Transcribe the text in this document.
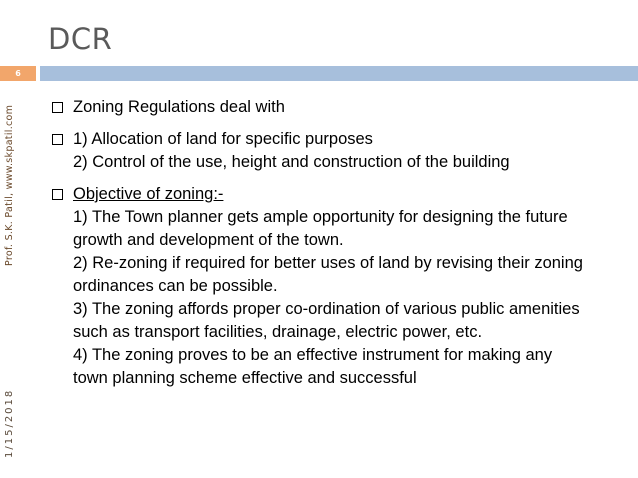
DCR
6
Prof. S.K. Patil, www.skpatil.com
1/15/2018
Zoning Regulations deal with
1) Allocation of land for specific purposes
2) Control of the use, height and construction of the building
Objective of zoning:-
1) The Town planner gets ample opportunity for designing the future
growth and development of the town.
2) Re-zoning if required for better uses of land by revising their zoning
ordinances can be possible.
3) The zoning affords proper co-ordination of various public amenities
such as transport facilities, drainage, electric power, etc.
4) The zoning proves to be an effective instrument for making any
town planning scheme effective and successful
